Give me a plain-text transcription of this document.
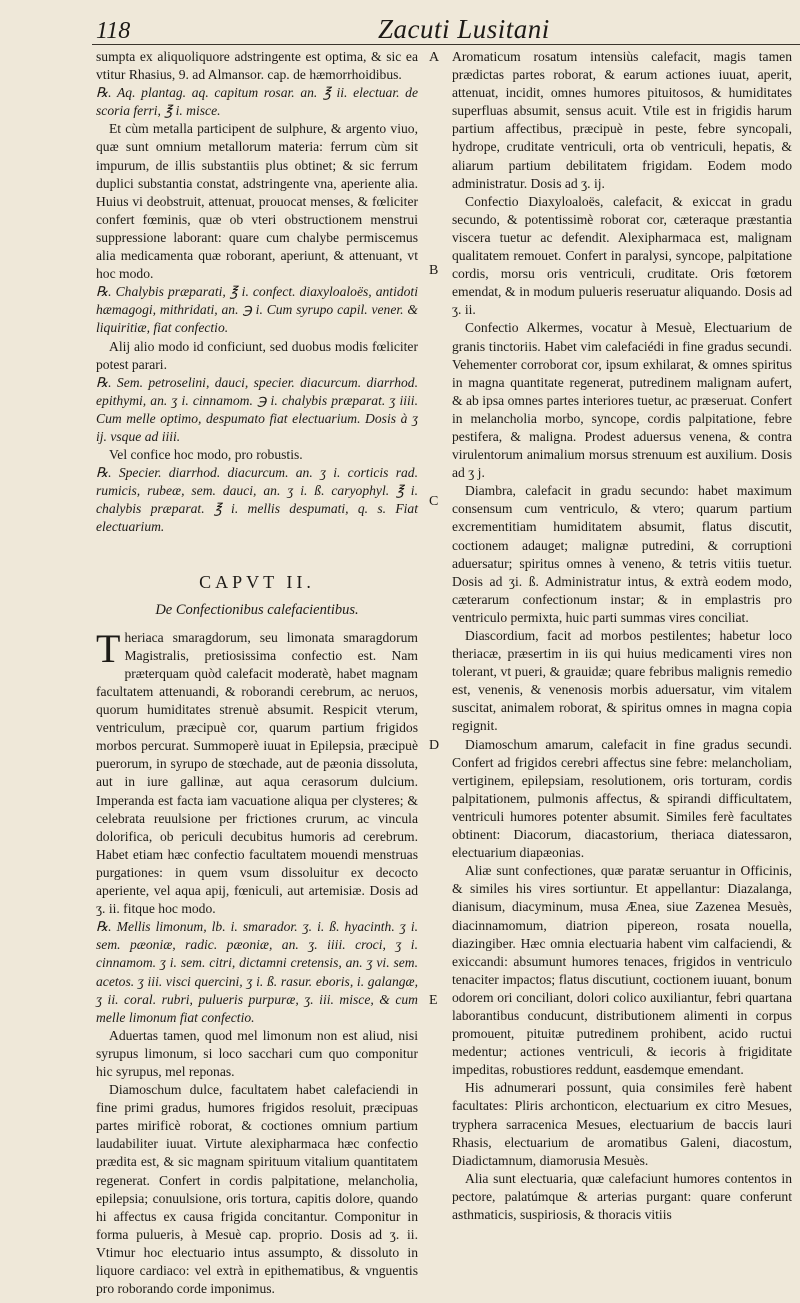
118	Zacuti Lusitani

sumpta ex aliquoliquore adstringente est optima, & sic ea vtitur Rhasius, 9. ad Almansor. cap. de hæmorrhoidibus.

℞. Aq. plantag. aq. capitum rosar. an. ℥ ii. electuar. de scoria ferri, ℥ i. misce.

Et cùm metalla participent de sulphure, & argento viuo, quæ sunt omnium metallorum materia: ferrum cùm sit impurum, de illis substantiis plus obtinet; & sic ferrum duplici substantia constat, adstringente vna, aperiente alia. Huius vi deobstruit, attenuat, prouocat menses, & fœliciter confert fœminis, quæ ob vteri obstructionem menstrui suppressione laborant: quare cum chalybe permiscemus alia medicamenta quæ roborant, aperiunt, & attenuant, vt hoc modo.

℞. Chalybis præparati, ℥ i. confect. diaxyloaloës, antidoti hæmagogi, mithridati, an. ℈ i. Cum syrupo capil. vener. & liquiritiæ, fiat confectio.

Alij alio modo id conficiunt, sed duobus modis fœliciter potest parari.

℞. Sem. petroselini, dauci, specier. diacurcum. diarrhod. epithymi, an. ʒ i. cinnamom. ℈ i. chalybis præparat. ʒ iiii. Cum melle optimo, despumato fiat electuarium. Dosis à ʒ ij. vsque ad iiii.

Vel confice hoc modo, pro robustis.

℞. Specier. diarrhod. diacurcum. an. ʒ i. corticis rad. rumicis, rubeæ, sem. dauci, an. ʒ i. ß. caryophyl. ℥ i. chalybis præparat. ℥ i. mellis despumati, q. s. Fiat electuarium.

CAPVT II.
De Confectionibus calefacientibus.

Theriaca smaragdorum, seu limonata smaragdorum Magistralis, pretiosissima confectio est. Nam præterquam quòd calefacit moderatè, habet magnam facultatem attenuandi, & roborandi cerebrum, ac neruos, quorum humiditates strenuè absumit. Respicit vterum, ventriculum, præcipuè cor, quarum partium frigidos morbos percurat. Summoperè iuuat in Epilepsia, præcipuè puerorum, in syrupo de stœchade, aut de pæonia dissoluta, aut in iure gallinæ, aut aqua cerasorum dulcium. Imperanda est facta iam vacuatione aliqua per clysteres; & celebrata reuulsione per frictiones crurum, ac vincula dolorifica, ob periculi decubitus humoris ad cerebrum. Habet etiam hæc confectio facultatem mouendi menstruas purgationes: in quem vsum dissoluitur ex decocto aperiente, vel aqua apij, fœniculi, aut artemisiæ. Dosis ad ʒ. ii. fitque hoc modo.

℞. Mellis limonum, lb. i. smarador. ʒ. i. ß. hyacinth. ʒ i. sem. pæoniæ, radic. pæoniæ, an. ʒ. iiii. croci, ʒ i. cinnamom. ʒ i. sem. citri, dictamni cretensis, an. ʒ vi. sem. acetos. ʒ iii. visci quercini, ʒ i. ß. rasur. eboris, i. galangæ, ʒ ii. coral. rubri, pulueris purpuræ, ʒ. iii. misce, & cum melle limonum fiat confectio.

Aduertas tamen, quod mel limonum non est aliud, nisi syrupus limonum, si loco sacchari cum quo componitur hic syrupus, mel reponas.

Diamoschum dulce, facultatem habet calefaciendi in fine primi gradus, humores frigidos resoluit, præcipuas partes mirificè roborat, & coctiones omnium partium laudabiliter iuuat. Virtute alexipharmaca hæc confectio prædita est, & sic magnam spirituum vitalium quantitatem regenerat. Confert in cordis palpitatione, melancholia, epilepsia; conuulsione, oris tortura, capitis dolore, quando hi affectus ex causa frigida concitantur. Componitur in forma pulueris, à Mesuè cap. proprio. Dosis ad ʒ. ii. Vtimur hoc electuario intus assumpto, & dissoluto in liquore cardiaco: vel extrà in epithematibus, & vnguentis pro roborando corde imponimus.

A
B
C
D
E

Aromaticum rosatum intensiùs calefacit, magis tamen prædictas partes roborat, & earum actiones iuuat, aperit, attenuat, incidit, omnes humores pituitosos, & humiditates superfluas absumit, sensus acuit. Vtile est in frigidis harum partium affectibus, præcipuè in peste, febre syncopali, hydrope, cruditate ventriculi, orta ob ventriculi, hepatis, & aliarum partium debilitatem frigidam. Eodem modo administratur. Dosis ad ʒ. ij.

Confectio Diaxyloaloës, calefacit, & exiccat in gradu secundo, & potentissimè roborat cor, cæteraque præstantia viscera tuetur ac defendit. Alexipharmaca est, malignam qualitatem remouet. Confert in paralysi, syncope, palpitatione cordis, morsu oris ventriculi, cruditate. Oris fœtorem emendat, & in modum pulueris reseruatur aliquando. Dosis ad ʒ. ii.

Confectio Alkermes, vocatur à Mesuè, Electuarium de granis tinctoriis. Habet vim calefaciédi in fine gradus secundi. Vehementer corroborat cor, ipsum exhilarat, & omnes spiritus in magna quantitate regenerat, putredinem malignam aufert, & ab ipsa omnes partes interiores tuetur, ac præseruat. Confert in melancholia morbo, syncope, cordis palpitatione, febre pestifera, & maligna. Prodest aduersus venena, & contra virulentorum animalium morsus strenuum est auxilium. Dosis ad ʒ j.

Diambra, calefacit in gradu secundo: habet maximum consensum cum ventriculo, & vtero; quarum partium excrementitiam humiditatem absumit, flatus discutit, coctionem adauget; malignæ putredini, & corruptioni aduersatur; spiritus omnes à veneno, & tetris vitiis tuetur. Dosis ad ʒi. ß. Administratur intus, & extrà eodem modo, cæterarum confectionum instar; & in emplastris pro ventriculo permixta, huic parti summas vires conciliat.

Diascordium, facit ad morbos pestilentes; habetur loco theriacæ, præsertim in iis qui huius medicamenti vires non tolerant, vt pueri, & grauidæ; quare febribus malignis remedio est, venenis, & venenosis morbis aduersatur, vim vitalem suscitat, animalem roborat, & spiritus omnes in magna copia regignit.

Diamoschum amarum, calefacit in fine gradus secundi. Confert ad frigidos cerebri affectus sine febre: melancholiam, vertiginem, epilepsiam, resolutionem, oris torturam, cordis palpitationem, pulmonis affectus, & spirandi difficultatem, ventriculi humores potenter absumit. Similes ferè facultates obtinent: Diacorum, diacastorium, theriaca diatessaron, electuarium diapæonias.

Aliæ sunt confectiones, quæ paratæ seruantur in Officinis, & similes his vires sortiuntur. Et appellantur: Diazalanga, dianisum, diacyminum, musa Ænea, siue Zazenea Mesuès, diacinnamomum, diatrion pipereon, rosata nouella, diazingiber. Hæc omnia electuaria habent vim calfaciendi, & exiccandi: absumunt humores tenaces, frigidos in ventriculo tenaciter impactos; flatus discutiunt, coctionem iuuant, bonum odorem ori conciliant, dolori colico auxiliantur, febri quartana laborantibus conducunt, distributionem alimenti in corpus promouent, pituitæ putredinem prohibent, acido ructui medentur; actiones ventriculi, & iecoris à frigiditate impeditas, robustiores reddunt, easdemque emendant.

His adnumerari possunt, quia consimiles ferè habent facultates: Pliris archonticon, electuarium ex citro Mesues, tryphera sarracenica Mesues, electuarium de baccis lauri Rhasis, electuarium de aromatibus Galeni, diacostum, Diadictamnum, diamorusia Mesuès.

Alia sunt electuaria, quæ calefaciunt humores contentos in pectore, palatúmque & arterias purgant: quare conferunt asthmaticis, suspiriosis, & thoracis vitiis
